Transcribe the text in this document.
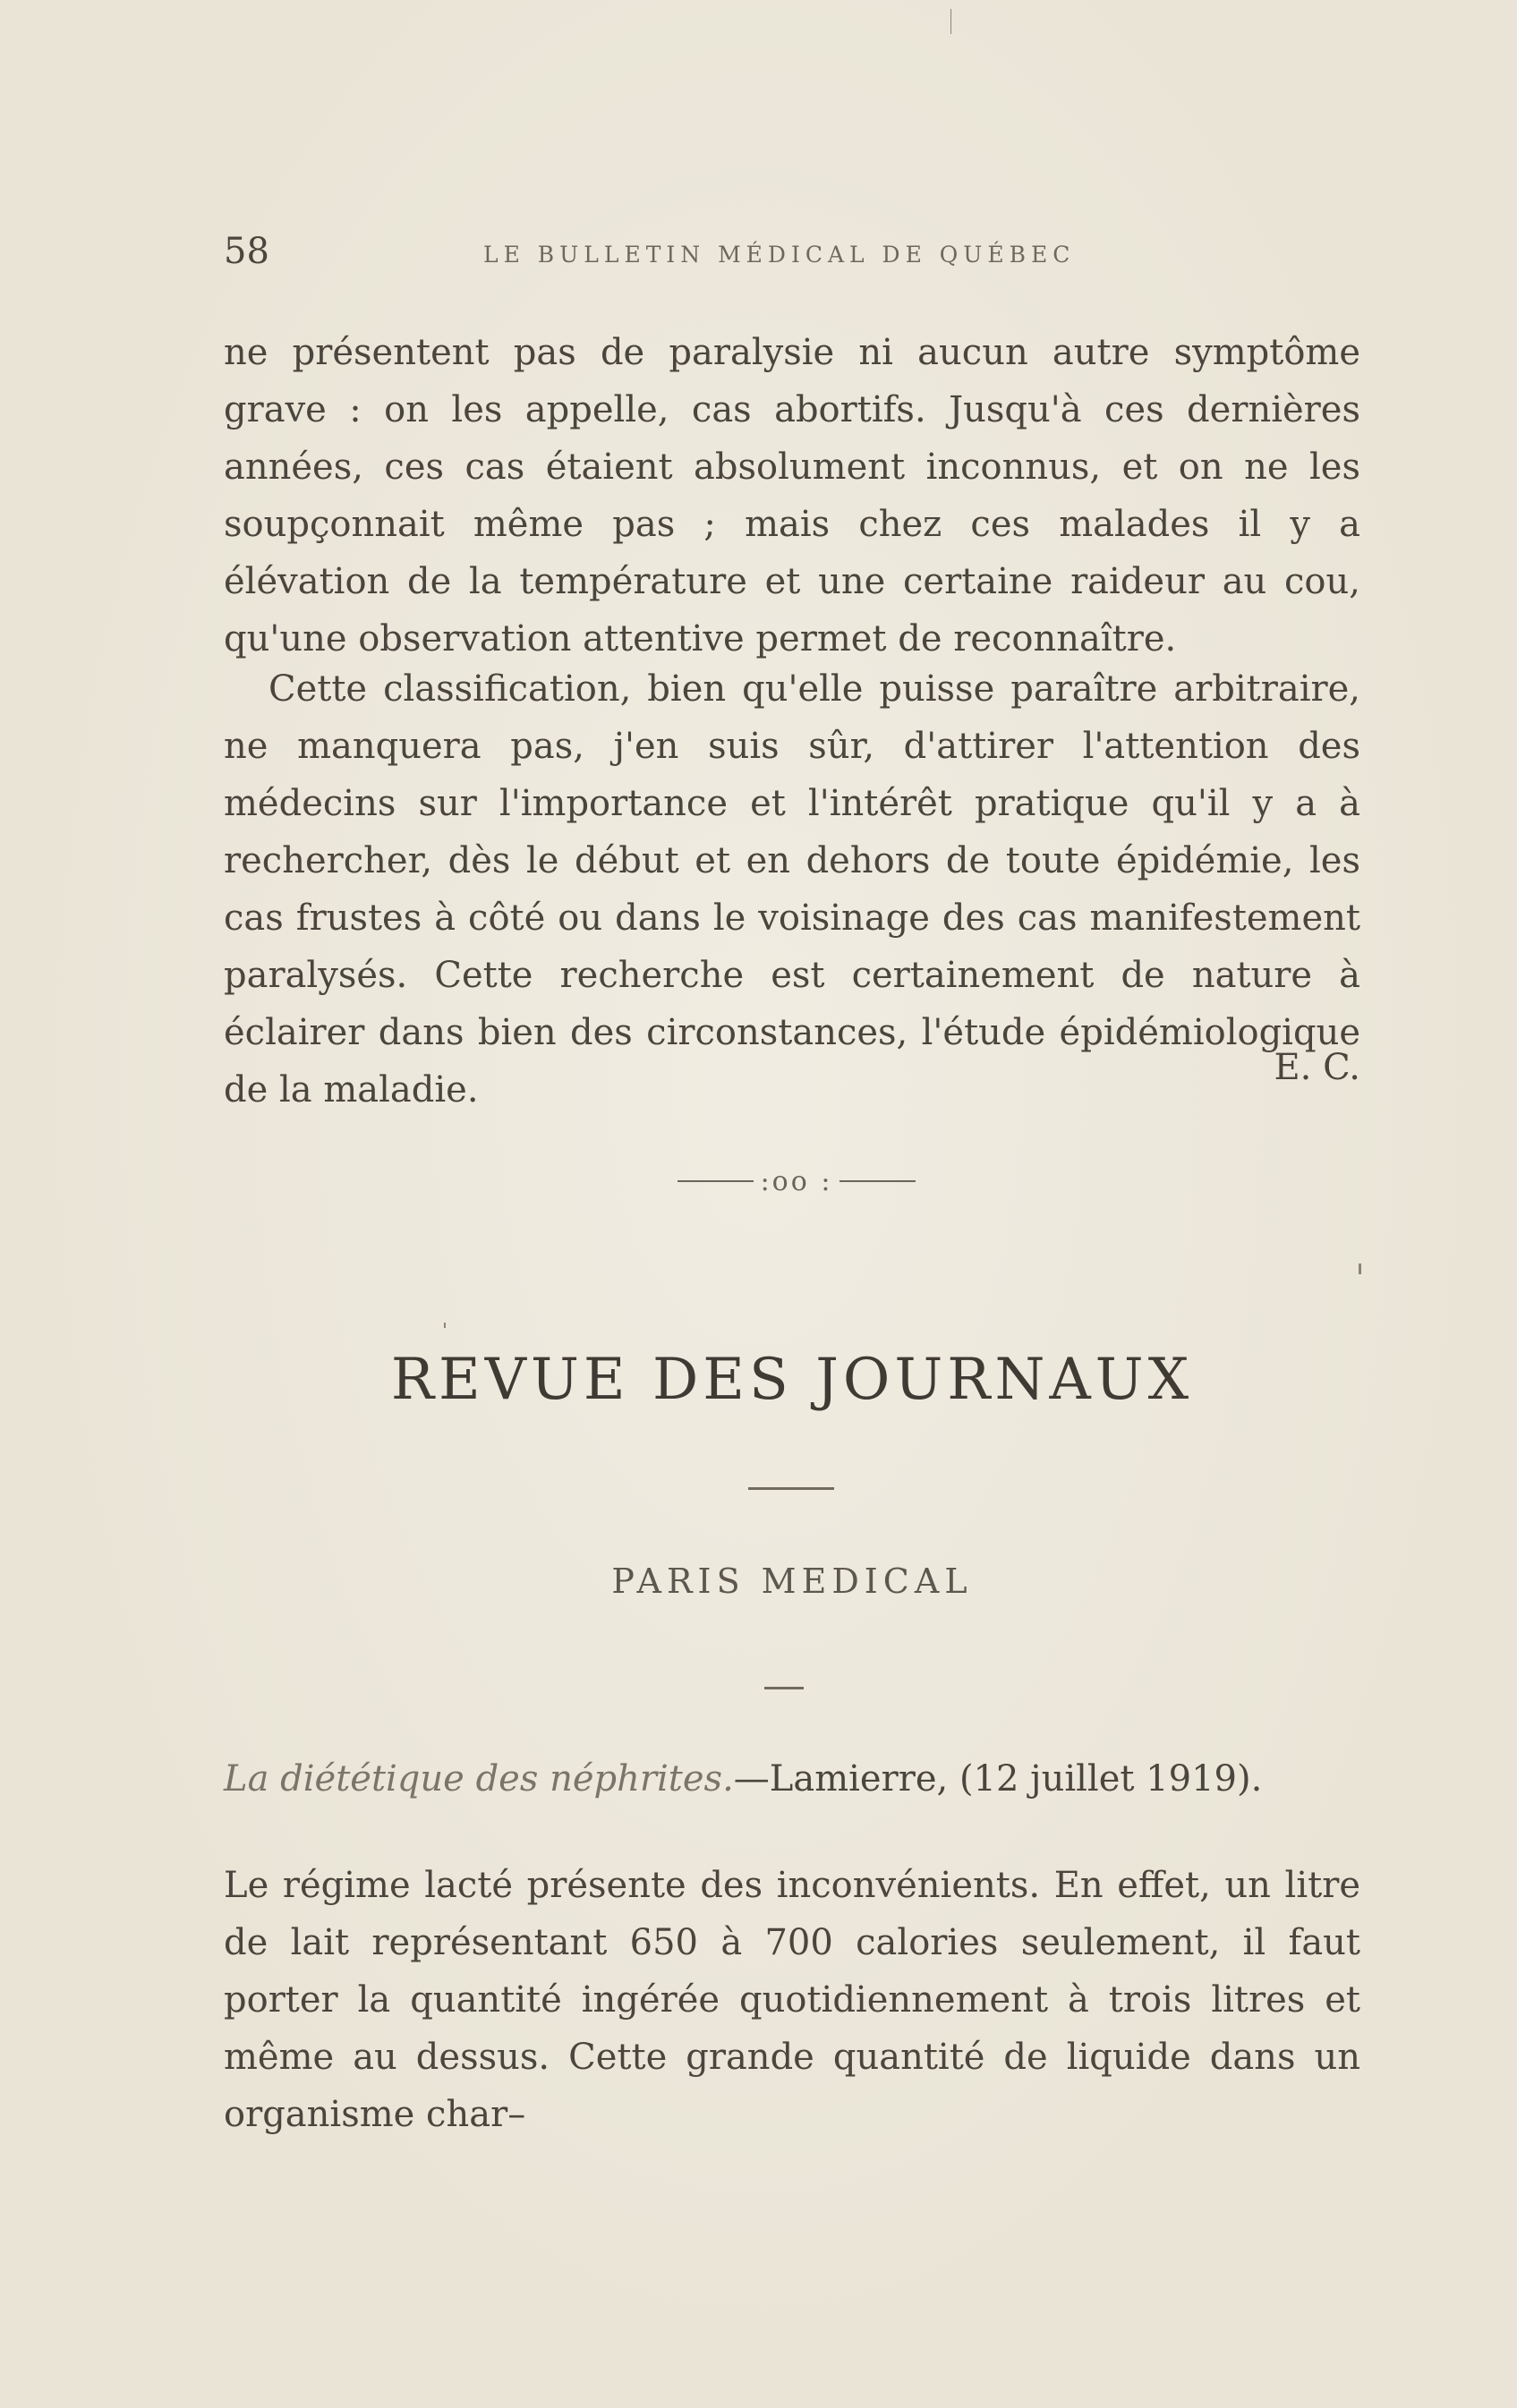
58	LE BULLETIN MÉDICAL DE QUÉBEC

ne présentent pas de paralysie ni aucun autre symptôme grave : on les appelle, cas abortifs. Jusqu'à ces dernières années, ces cas étaient absolument inconnus, et on ne les soupçonnait même pas ; mais chez ces malades il y a élévation de la température et une certaine raideur au cou, qu'une observation attentive permet de reconnaître.

Cette classification, bien qu'elle puisse paraître arbitraire, ne manquera pas, j'en suis sûr, d'attirer l'attention des médecins sur l'importance et l'intérêt pratique qu'il y a à rechercher, dès le début et en dehors de toute épidémie, les cas frustes à côté ou dans le voisinage des cas manifestement paralysés. Cette recherche est certainement de nature à éclairer dans bien des circonstances, l'étude épidémiologique de la maladie.

E. C.
:oo :
REVUE DES JOURNAUX
PARIS MEDICAL
La diététique des néphrites.—Lamierre, (12 juillet 1919).

Le régime lacté présente des inconvénients. En effet, un litre de lait représentant 650 à 700 calories seulement, il faut porter la quantité ingérée quotidiennement à trois litres et même au dessus. Cette grande quantité de liquide dans un organisme char–
